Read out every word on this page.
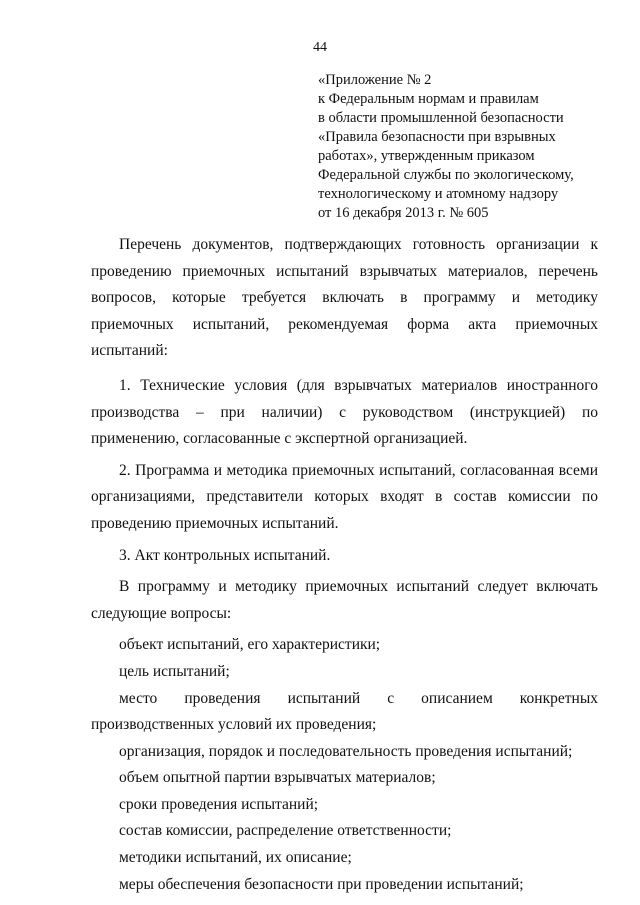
44
«Приложение № 2
к Федеральным нормам и правилам
в области промышленной безопасности
«Правила безопасности при взрывных
работах», утвержденным приказом
Федеральной службы по экологическому,
технологическому и атомному надзору
от 16 декабря 2013 г. № 605

Перечень документов, подтверждающих готовность организации к проведению приемочных испытаний взрывчатых материалов, перечень вопросов, которые требуется включать в программу и методику приемочных испытаний, рекомендуемая форма акта приемочных испытаний:

1. Технические условия (для взрывчатых материалов иностранного производства – при наличии) с руководством (инструкцией) по применению, согласованные с экспертной организацией.

2. Программа и методика приемочных испытаний, согласованная всеми организациями, представители которых входят в состав комиссии по проведению приемочных испытаний.

3. Акт контрольных испытаний.

В программу и методику приемочных испытаний следует включать следующие вопросы:

объект испытаний, его характеристики;

цель испытаний;

место проведения испытаний с описанием конкретных производственных условий их проведения;

организация, порядок и последовательность проведения испытаний;

объем опытной партии взрывчатых материалов;

сроки проведения испытаний;

состав комиссии, распределение ответственности;

методики испытаний, их описание;

меры обеспечения безопасности при проведении испытаний;
